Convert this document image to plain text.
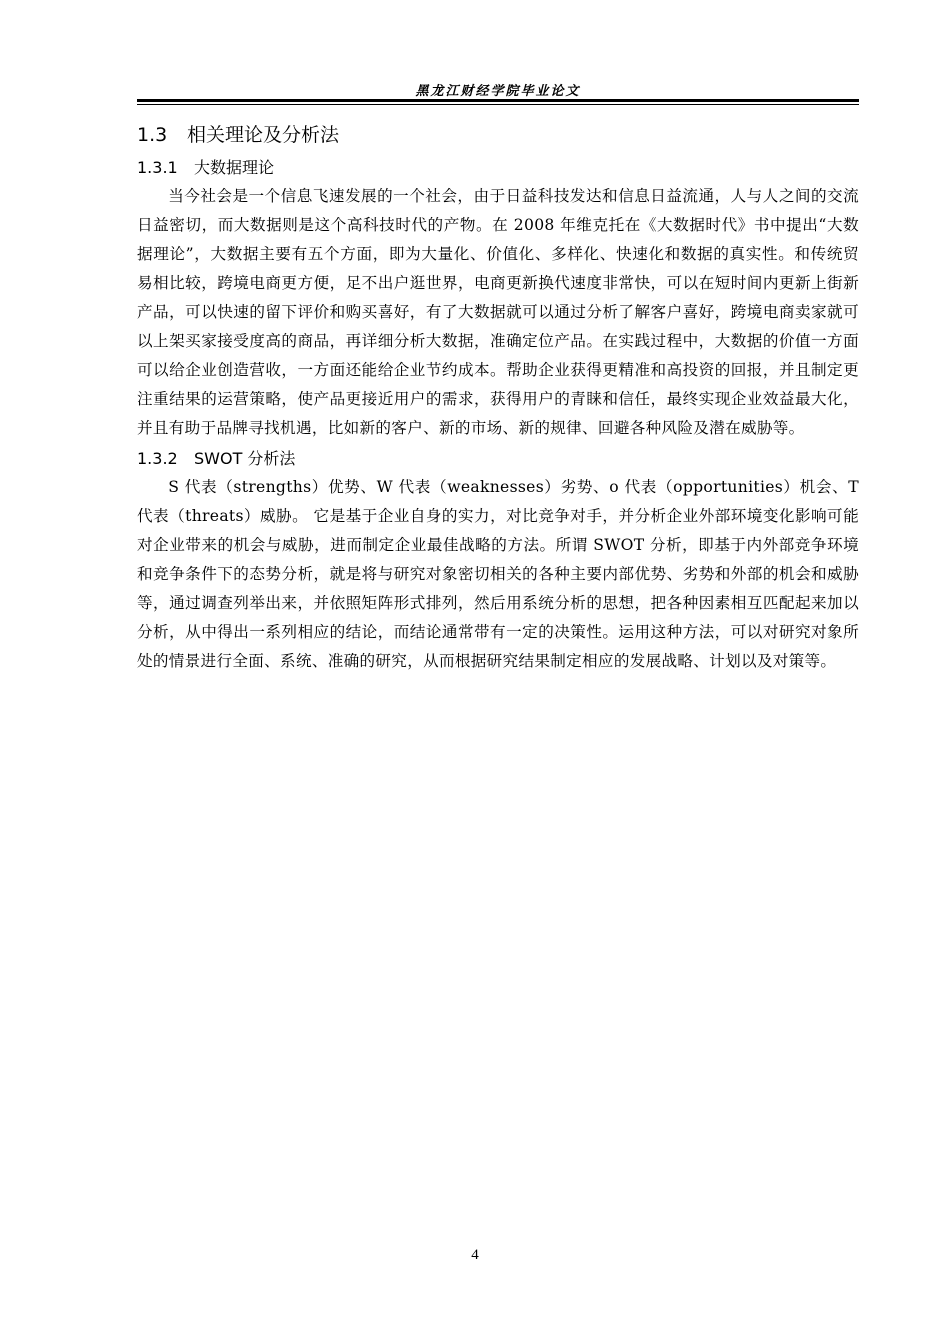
黑龙江财经学院毕业论文
1.3 相关理论及分析法
1.3.1 大数据理论

当今社会是一个信息飞速发展的一个社会，由于日益科技发达和信息日益流通，人与人之间的交流日益密切，而大数据则是这个高科技时代的产物。在 2008 年维克托在《大数据时代》书中提出“大数据理论”，大数据主要有五个方面，即为大量化、价值化、多样化、快速化和数据的真实性。和传统贸易相比较，跨境电商更方便，足不出户逛世界，电商更新换代速度非常快，可以在短时间内更新上街新产品，可以快速的留下评价和购买喜好，有了大数据就可以通过分析了解客户喜好，跨境电商卖家就可以上架买家接受度高的商品，再详细分析大数据，准确定位产品。在实践过程中，大数据的价值一方面可以给企业创造营收，一方面还能给企业节约成本。帮助企业获得更精准和高投资的回报，并且制定更注重结果的运营策略，使产品更接近用户的需求，获得用户的青睐和信任，最终实现企业效益最大化，并且有助于品牌寻找机遇，比如新的客户、新的市场、新的规律、回避各种风险及潜在威胁等。

1.3.2 SWOT 分析法

S 代表（strengths）优势、W 代表（weaknesses）劣势、o 代表（opportunities）机会、T 代表（threats）威胁。 它是基于企业自身的实力，对比竞争对手，并分析企业外部环境变化影响可能对企业带来的机会与威胁，进而制定企业最佳战略的方法。所谓 SWOT 分析，即基于内外部竞争环境和竞争条件下的态势分析，就是将与研究对象密切相关的各种主要内部优势、劣势和外部的机会和威胁等，通过调查列举出来，并依照矩阵形式排列，然后用系统分析的思想，把各种因素相互匹配起来加以分析，从中得出一系列相应的结论，而结论通常带有一定的决策性。运用这种方法，可以对研究对象所处的情景进行全面、系统、准确的研究，从而根据研究结果制定相应的发展战略、计划以及对策等。

4
